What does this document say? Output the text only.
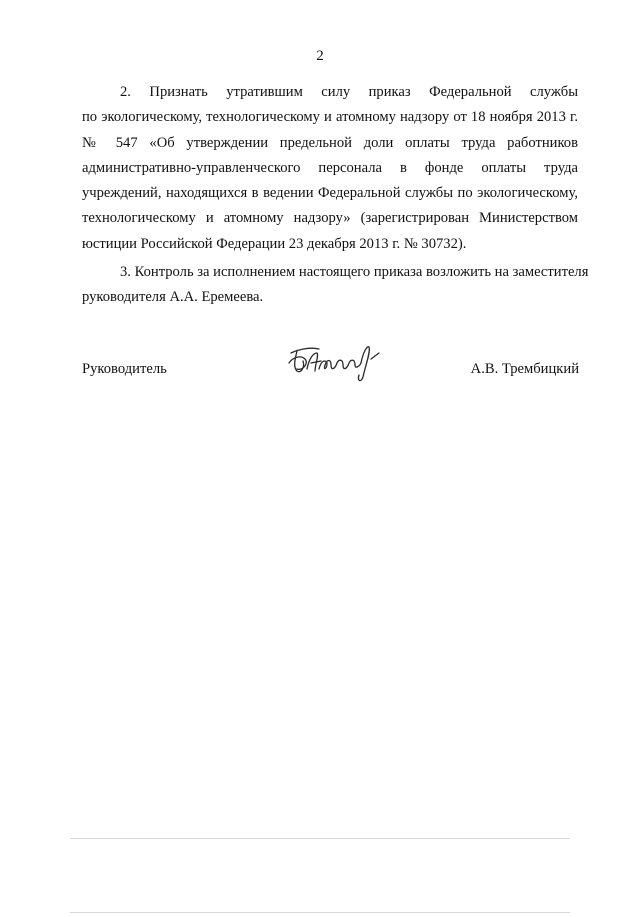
2

2. Признать утратившим силу приказ Федеральной службы
по экологическому, технологическому и атомному надзору от 18 ноября 2013 г.
№ 547 «Об утверждении предельной доли оплаты труда работников
административно-управленческого персонала в фонде оплаты труда
учреждений, находящихся в ведении Федеральной службы по экологическому,
технологическому и атомному надзору» (зарегистрирован Министерством
юстиции Российской Федерации 23 декабря 2013 г. № 30732).

3. Контроль за исполнением настоящего приказа возложить на заместителя
руководителя А.А. Еремеева.

Руководитель	А.В. Трембицкий
